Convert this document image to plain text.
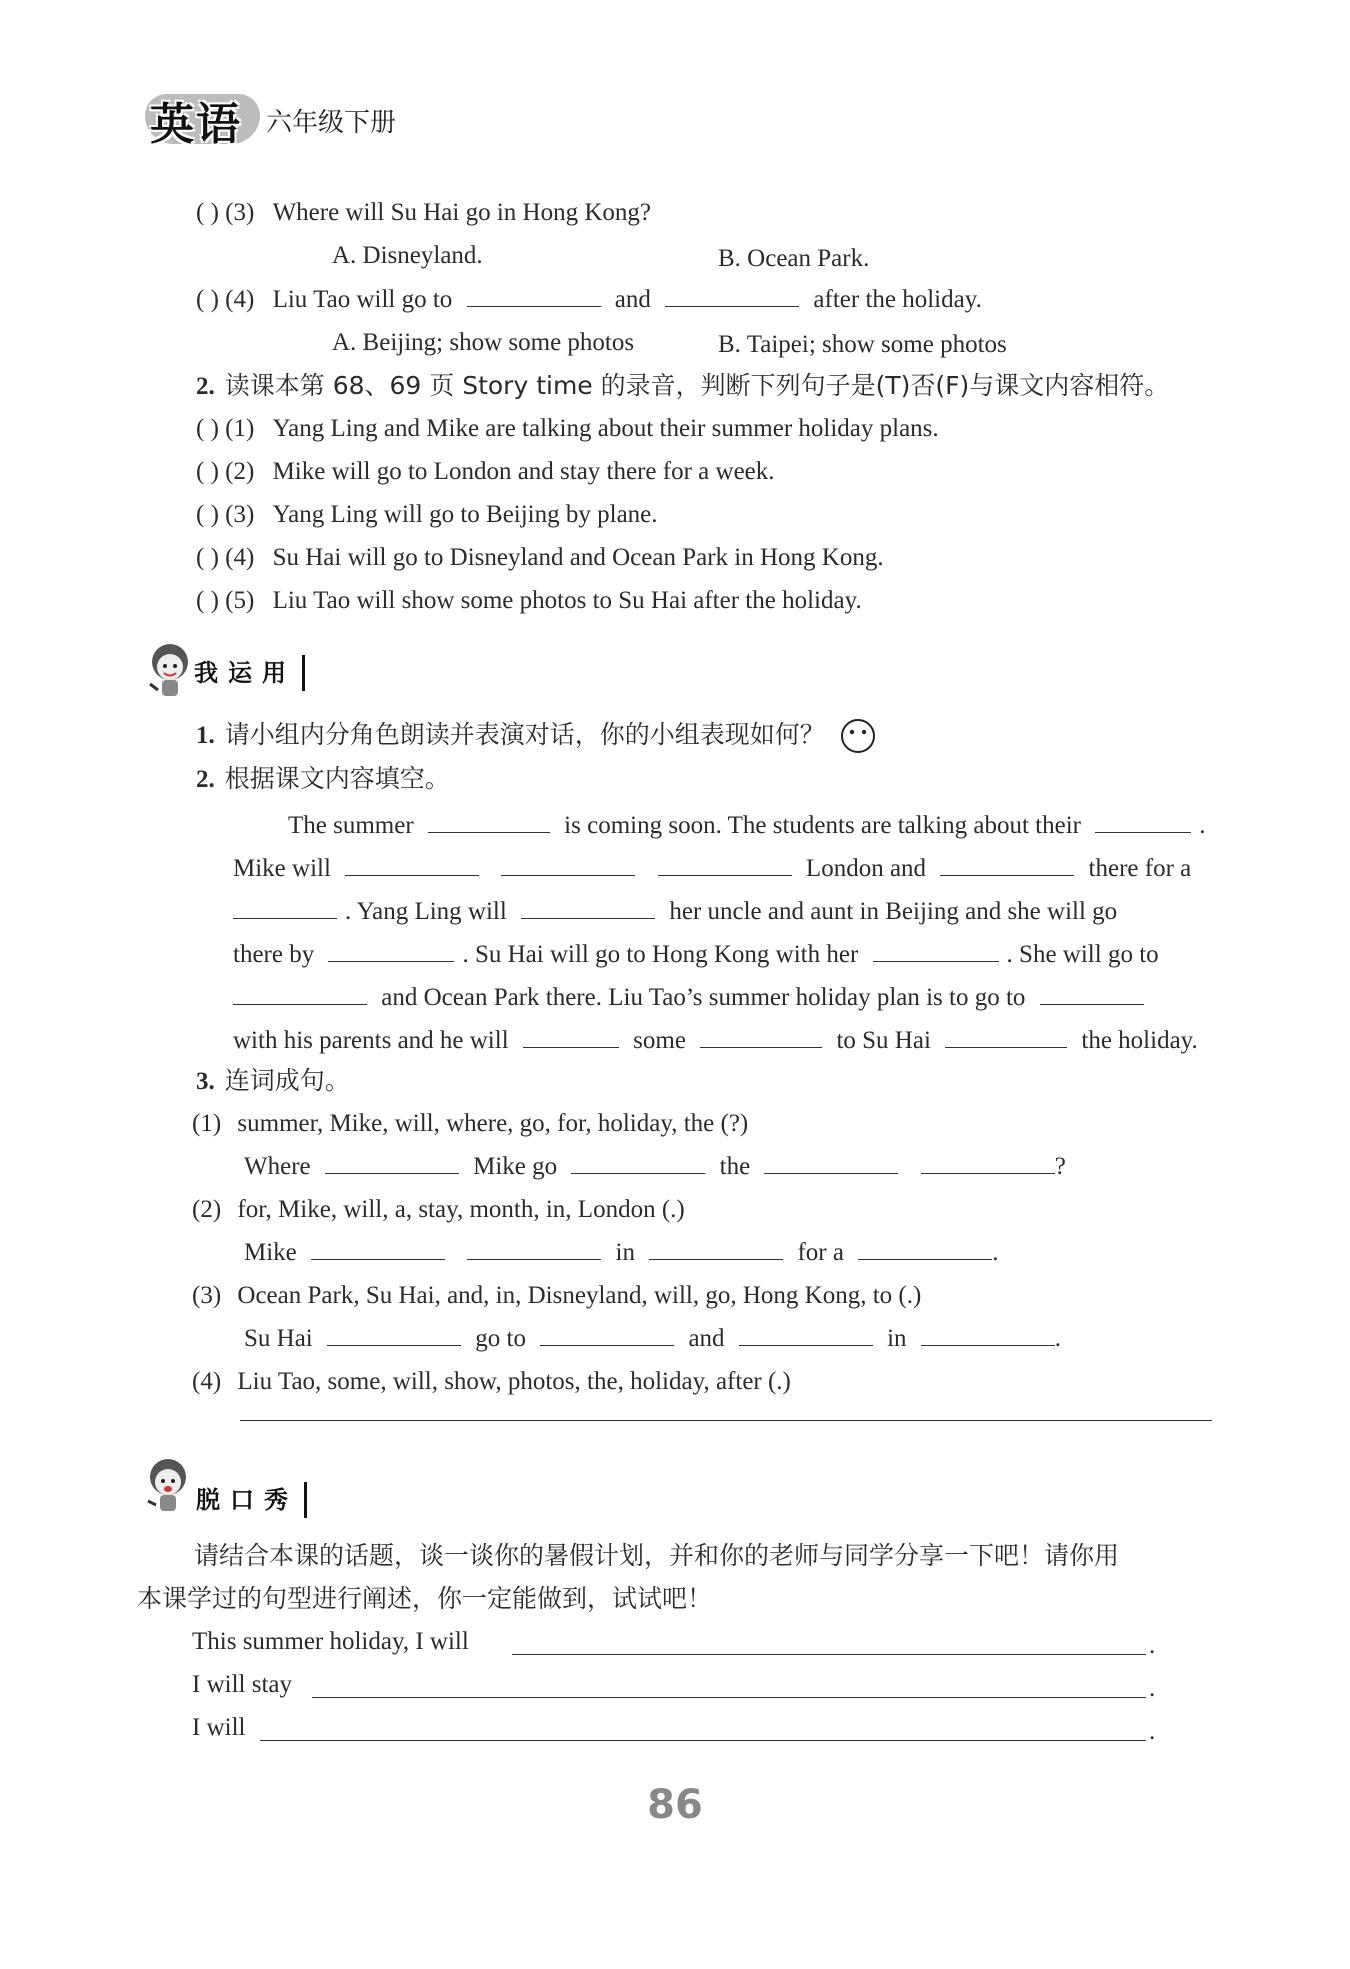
英语 六年级下册
( ) (3) Where will Su Hai go in Hong Kong?
A. Disneyland.	B. Ocean Park.
( ) (4) Liu Tao will go to	and	after the holiday.
A. Beijing; show some photos	B. Taipei; show some photos
2. 读课本第 68、69 页 Story time 的录音，判断下列句子是(T)否(F)与课文内容相符。
( ) (1) Yang Ling and Mike are talking about their summer holiday plans.
( ) (2) Mike will go to London and stay there for a week.
( ) (3) Yang Ling will go to Beijing by plane.
( ) (4) Su Hai will go to Disneyland and Ocean Park in Hong Kong.
( ) (5) Liu Tao will show some photos to Su Hai after the holiday.
我运用
1. 请小组内分角色朗读并表演对话，你的小组表现如何？
2. 根据课文内容填空。
The summer	is coming soon. The students are talking about their	.
Mike will	London and	there for a
. Yang Ling will	her uncle and aunt in Beijing and she will go
there by	. Su Hai will go to Hong Kong with her	. She will go to
and Ocean Park there. Liu Tao’s summer holiday plan is to go to
with his parents and he will	some	to Su Hai	the holiday.
3. 连词成句。
(1) summer, Mike, will, where, go, for, holiday, the (?)
Where	Mike go	the	?
(2) for, Mike, will, a, stay, month, in, London (.)
Mike	in	for a	.
(3) Ocean Park, Su Hai, and, in, Disneyland, will, go, Hong Kong, to (.)
Su Hai	go to	and	in	.
(4) Liu Tao, some, will, show, photos, the, holiday, after (.)
脱口秀
请结合本课的话题，谈一谈你的暑假计划，并和你的老师与同学分享一下吧！请你用
本课学过的句型进行阐述，你一定能做到，试试吧！
This summer holiday, I will	.
I will stay	.
I will	.
86
